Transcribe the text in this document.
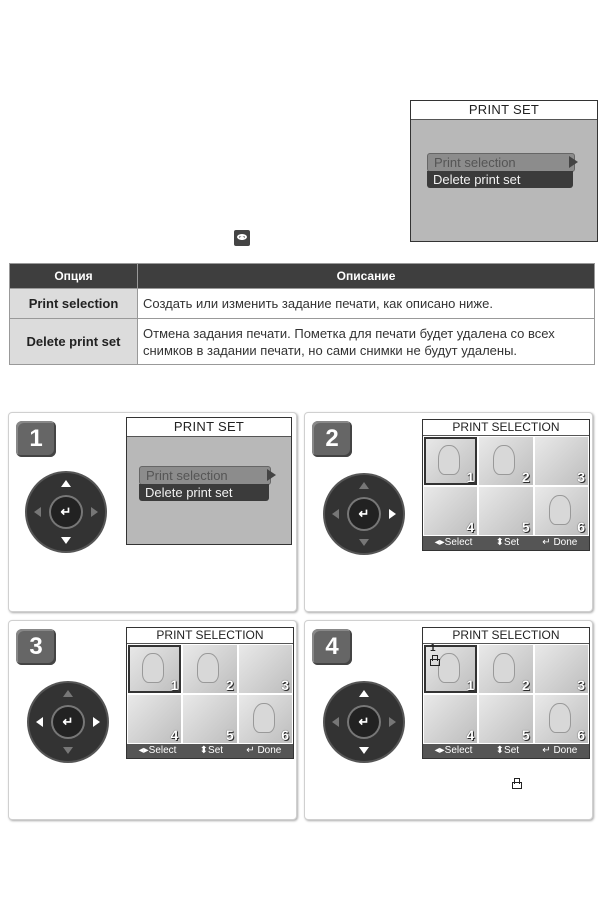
PRINT SET
Print selection
Delete print set
Опция	Описание
Print selection	Создать или изменить задание печати, как описано ниже.
Delete print set	Отмена задания печати. Пометка для печати будет удалена со всех снимков в задании печати, но сами снимки не будут удалены.
1
↵
PRINT SET
Print selection
Delete print set
2
↵
PRINT SELECTION
1	2	3
4	5	6
◂▸Select ⬍Set ↵ Done
3
↵
PRINT SELECTION
1	2	3
4	5	6
◂▸Select ⬍Set ↵ Done
4
↵
PRINT SELECTION
1
1	2	3
4	5	6
◂▸Select ⬍Set ↵ Done
